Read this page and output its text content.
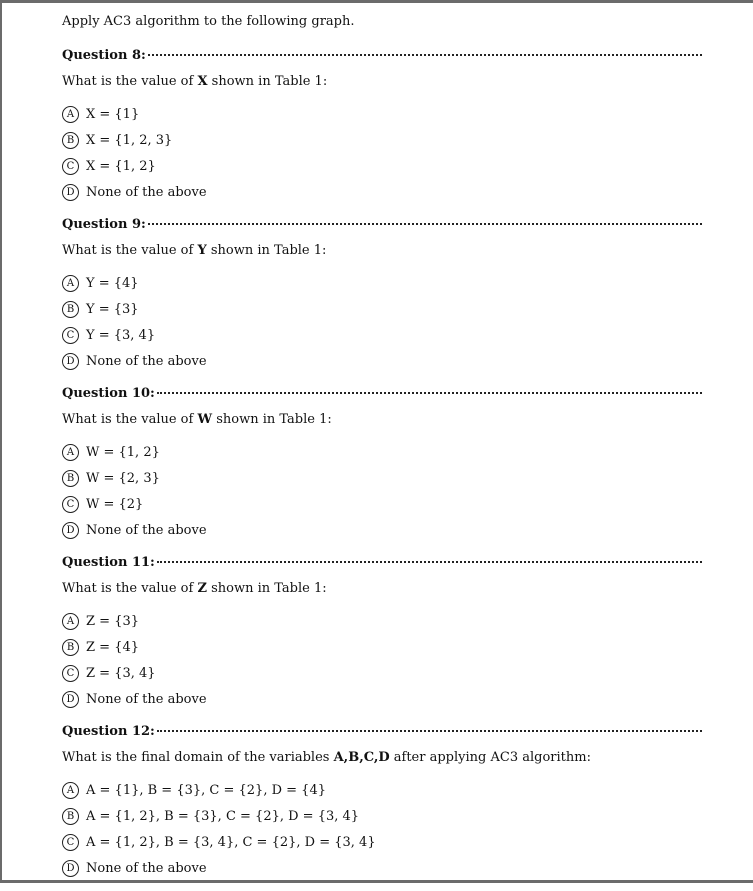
Apply AC3 algorithm to the following graph.
Question 8:
What is the value of X shown in Table 1:
A X = {1}
B X = {1, 2, 3}
C X = {1, 2}
D None of the above
Question 9:
What is the value of Y shown in Table 1:
A Y = {4}
B Y = {3}
C Y = {3, 4}
D None of the above
Question 10:
What is the value of W shown in Table 1:
A W = {1, 2}
B W = {2, 3}
C W = {2}
D None of the above
Question 11:
What is the value of Z shown in Table 1:
A Z = {3}
B Z = {4}
C Z = {3, 4}
D None of the above
Question 12:
What is the final domain of the variables A,B,C,D after applying AC3 algorithm:
A A = {1}, B = {3}, C = {2}, D = {4}
B A = {1, 2}, B = {3}, C = {2}, D = {3, 4}
C A = {1, 2}, B = {3, 4}, C = {2}, D = {3, 4}
D None of the above
